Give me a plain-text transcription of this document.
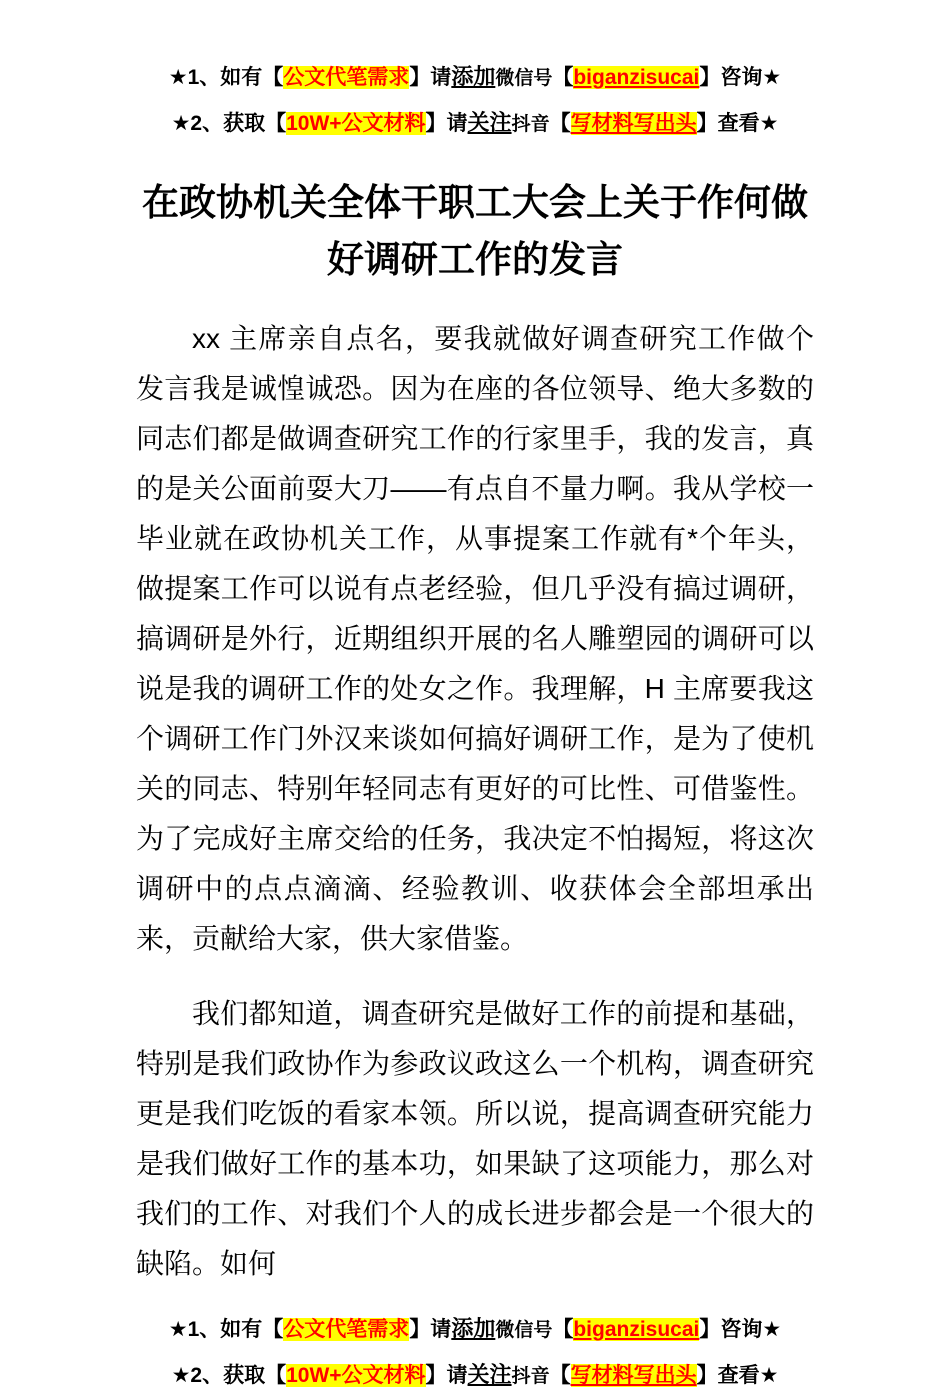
★1、如有【公文代笔需求】请添加微信号【biganzisucai】咨询★
★2、获取【10W+公文材料】请关注抖音【写材料写出头】查看★
在政协机关全体干职工大会上关于作何做好调研工作的发言

xx 主席亲自点名，要我就做好调查研究工作做个发言我是诚惶诚恐。因为在座的各位领导、绝大多数的同志们都是做调查研究工作的行家里手，我的发言，真的是关公面前耍大刀——有点自不量力啊。我从学校一毕业就在政协机关工作，从事提案工作就有*个年头，做提案工作可以说有点老经验，但几乎没有搞过调研，搞调研是外行，近期组织开展的名人雕塑园的调研可以说是我的调研工作的处女之作。我理解，H 主席要我这个调研工作门外汉来谈如何搞好调研工作，是为了使机关的同志、特别年轻同志有更好的可比性、可借鉴性。为了完成好主席交给的任务，我决定不怕揭短，将这次调研中的点点滴滴、经验教训、收获体会全部坦承出来，贡献给大家，供大家借鉴。

我们都知道，调查研究是做好工作的前提和基础，特别是我们政协作为参政议政这么一个机构，调查研究更是我们吃饭的看家本领。所以说，提高调查研究能力是我们做好工作的基本功，如果缺了这项能力，那么对我们的工作、对我们个人的成长进步都会是一个很大的缺陷。如何

★1、如有【公文代笔需求】请添加微信号【biganzisucai】咨询★
★2、获取【10W+公文材料】请关注抖音【写材料写出头】查看★
